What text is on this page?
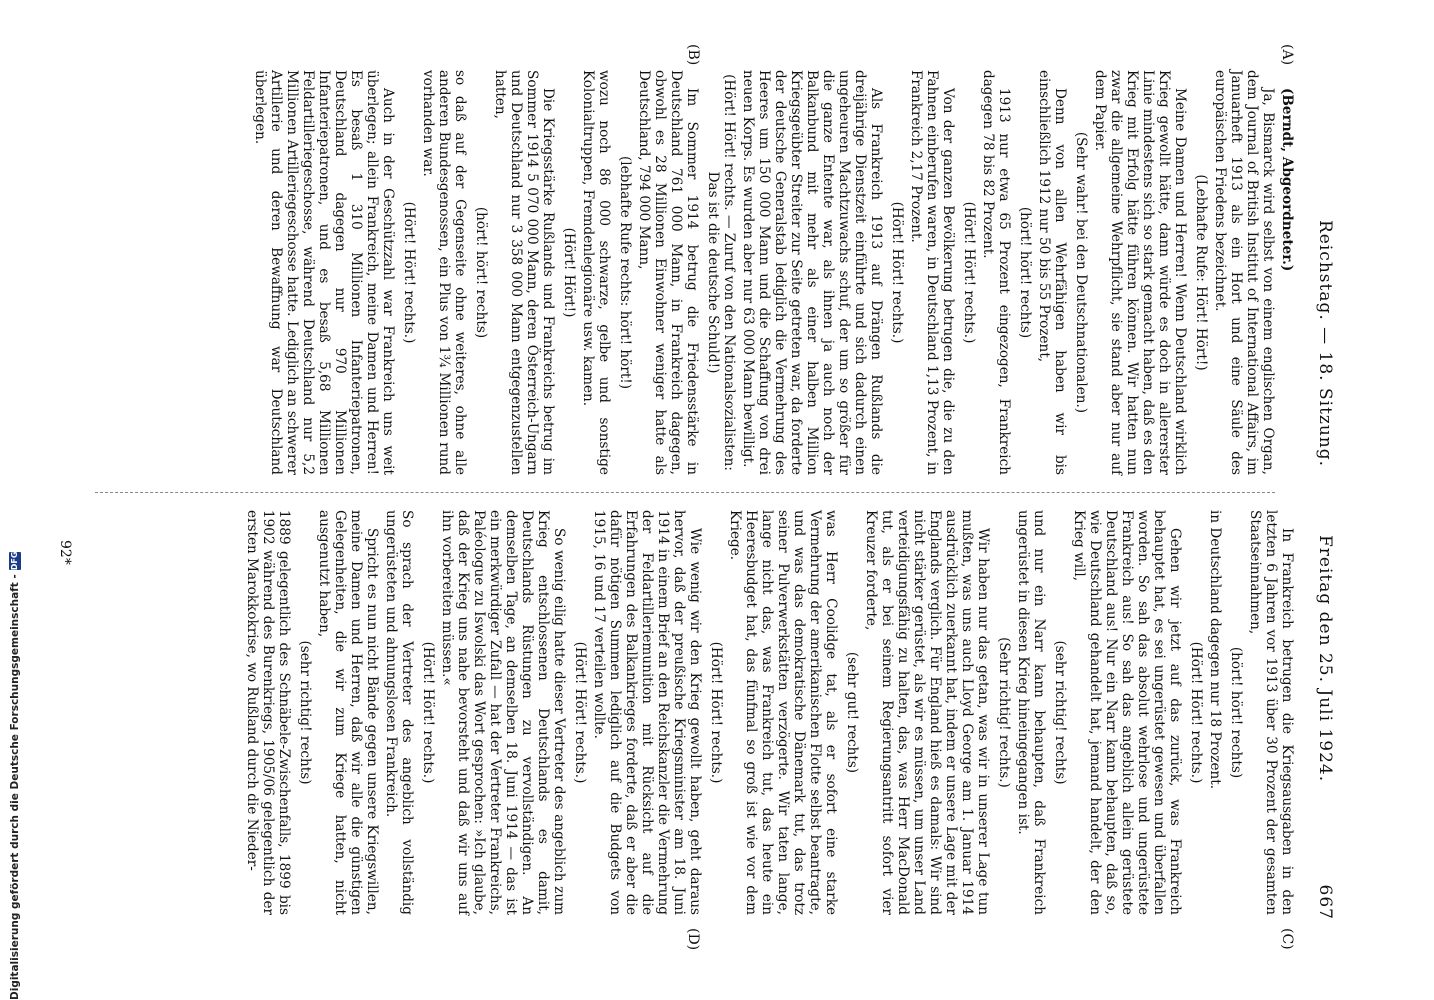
Reichstag. — 18. Sitzung.
Freitag den 25. Juli 1924.
667
(A)
(B)
(C)
(D)

(Berndt, Abgeordneter.)

Ja, Bismarck wird selbst von einem englischen Organ, dem Journal of British Institut of International Affairs, im Januarheft 1913 als ein Hort und eine Säule des europäischen Friedens bezeichnet.

(Lebhafte Rufe: Hört! Hört!)

Meine Damen und Herren! Wenn Deutschland wirklich Krieg gewollt hätte, dann würde es doch in allererster Linie mindestens sich so stark gemacht haben, daß es den Krieg mit Erfolg hätte führen können. Wir hatten nun zwar die allgemeine Wehrpflicht, sie stand aber nur auf dem Papier.

(Sehr wahr! bei den Deutschnationalen.)

Denn von allen Wehrfähigen haben wir bis einschließlich 1912 nur 50 bis 55 Prozent,

(hört! hört! rechts)

1913 nur etwa 65 Prozent eingezogen, Frankreich dagegen 78 bis 82 Prozent.

(Hört! Hört! rechts.)

Von der ganzen Bevölkerung betrugen die, die zu den Fahnen einberufen waren, in Deutschland 1,13 Prozent, in Frankreich 2,17 Prozent.

(Hört! Hört! rechts.)

Als Frankreich 1913 auf Drängen Rußlands die dreijährige Dienstzeit einführte und sich dadurch einen ungeheuren Machtzuwachs schuf, der um so größer für die ganze Entente war, als ihnen ja auch noch der Balkanbund mit mehr als einer halben Million Kriegsgeübter Streiter zur Seite getreten war, da forderte der deutsche Generalstab lediglich die Vermehrung des Heeres um 150 000 Mann und die Schaffung von drei neuen Korps. Es wurden aber nur 63 000 Mann bewilligt.

(Hört! Hört! rechts. — Zuruf von den Nationalsozialisten: Das ist die deutsche Schuld!)

Im Sommer 1914 betrug die Friedensstärke in Deutschland 761 000 Mann, in Frankreich dagegen, obwohl es 28 Millionen Einwohner weniger hatte als Deutschland, 794 000 Mann,

(lebhafte Rufe rechts: hört! hört!)

wozu noch 86 000 schwarze, gelbe und sonstige Kolonialtruppen, Fremdenlegionäre usw. kamen.

(Hört! Hört!)

Die Kriegsstärke Rußlands und Frankreichs betrug im Sommer 1914 5 070 000 Mann, deren Österreich-Ungarn und Deutschland nur 3 358 000 Mann entgegenzustellen hatten,

(hört! hört! rechts)

so daß auf der Gegenseite ohne weiteres, ohne alle anderen Bundesgenossen, ein Plus von 1¾ Millionen rund vorhanden war.

(Hört! Hört! rechts.)

Auch in der Geschützzahl war Frankreich uns weit überlegen; allein Frankreich, meine Damen und Herren! Es besaß 1 310 Millionen Infanteriepatronen, Deutschland dagegen nur 970 Millionen Infanteriepatronen, und es besaß 5,68 Millionen Feldartilleriegeschosse, während Deutschland nur 5,2 Millionen Artilleriegeschosse hatte. Lediglich an schwerer Artillerie und deren Bewaffnung war Deutschland überlegen.

In Frankreich betrugen die Kriegsausgaben in den letzten 6 Jahren vor 1913 über 30 Prozent der gesamten Staatseinnahmen,

(hört! hört! rechts)

in Deutschland dagegen nur 18 Prozent.

(Hört! Hört! rechts.)

Gehen wir jetzt auf das zurück, was Frankreich behauptet hat, es sei ungerüstet gewesen und überfallen worden. So sah das absolut wehrlose und ungerüstete Frankreich aus! So sah das angeblich allein gerüstete Deutschland aus! Nur ein Narr kann behaupten, daß so, wie Deutschland gehandelt hat, jemand handelt, der den Krieg will,

(sehr richtig! rechts)

und nur ein Narr kann behaupten, daß Frankreich ungerüstet in diesen Krieg hineingegangen ist.

(Sehr richtig! rechts.)

Wir haben nur das getan, was wir in unserer Lage tun mußten, was uns auch Lloyd George am 1. Januar 1914 ausdrücklich zuerkannt hat, indem er unsere Lage mit der Englands verglich. Für England hieß es damals: Wir sind nicht stärker gerüstet, als wir es müssen, um unser Land verteidigungsfähig zu halten, das, was Herr MacDonald tut, als er bei seinem Regierungsantritt sofort vier Kreuzer forderte,

(sehr gut! rechts)

was Herr Coolidge tat, als er sofort eine starke Vermehrung der amerikanischen Flotte selbst beantragte, und was das demokratische Dänemark tut, das trotz seiner Pulverwerkstätten verzögerte. Wir taten lange, lange nicht das, was Frankreich tut, das heute ein Heeresbudget hat, das fünfmal so groß ist wie vor dem Kriege.

(Hört! Hört! rechts.)

Wie wenig wir den Krieg gewollt haben, geht daraus hervor, daß der preußische Kriegsminister am 18. Juni 1914 in einem Brief an den Reichskanzler die Vermehrung der Feldartilleriemunition mit Rücksicht auf die Erfahrungen des Balkankrieges forderte, daß er aber die dafür nötigen Summen lediglich auf die Budgets von 1915, 16 und 17 verteilen wollte.

(Hört! Hört! rechts.)

So wenig eilig hatte dieser Vertreter des angeblich zum Krieg entschlossenen Deutschlands es damit, Deutschlands Rüstungen zu vervollständigen. An demselben Tage, an demselben 18. Juni 1914 — das ist ein merkwürdiger Zufall — hat der Vertreter Frankreichs, Paléologue zu Iswolski das Wort gesprochen: »Ich glaube, daß der Krieg uns nahe bevorsteht und daß wir uns auf ihn vorbereiten müssen.«

(Hört! Hört! rechts.)

So sprach der Vertreter des angeblich vollständig ungerüsteten und ahnungslosen Frankreich.

Spricht es nun nicht Bände gegen unsere Kriegswillen, meine Damen und Herren, daß wir alle die günstigen Gelegenheiten, die wir zum Kriege hatten, nicht ausgenutzt haben,

(sehr richtig! rechts)

1889 gelegentlich des Schnäbele-Zwischenfalls, 1899 bis 1902 während des Burenkriegs, 1905/06 gelegentlich der ersten Marokkokrise, wo Rußland durch die Nieder-

92*
Digitalisierung gefördert durch die Deutsche Forschungsgemeinschaft -
DFG
